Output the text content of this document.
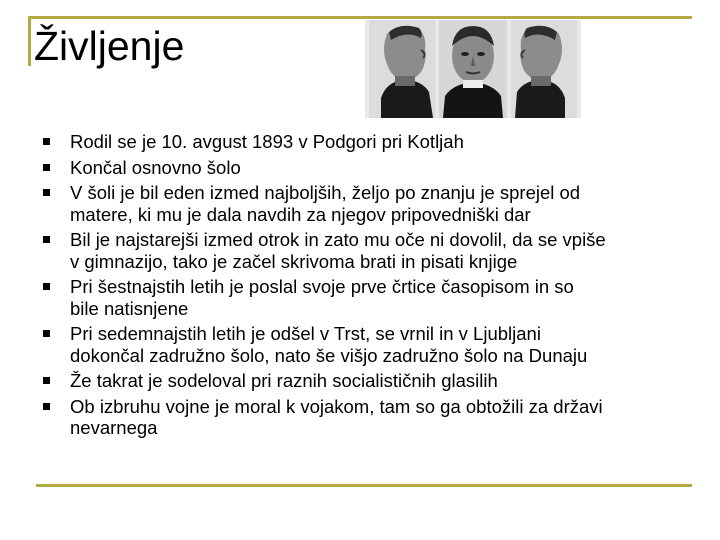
Življenje
Rodil se je 10. avgust 1893 v Podgori pri Kotljah
Končal osnovno šolo
V šoli je bil eden izmed najboljših, željo po znanju je sprejel od
matere, ki mu je dala navdih za njegov pripovedniški dar
Bil je najstarejši izmed otrok in zato mu oče ni dovolil, da se vpiše
v gimnazijo, tako je začel skrivoma brati in pisati knjige
Pri šestnajstih letih je poslal svoje prve črtice časopisom in so
bile natisnjene
Pri sedemnajstih letih je odšel v Trst, se vrnil in v Ljubljani
dokončal zadružno šolo, nato še višjo zadružno šolo na Dunaju
Že takrat je sodeloval pri raznih socialističnih glasilih
Ob izbruhu vojne je moral k vojakom, tam so ga obtožili za državi
nevarnega
